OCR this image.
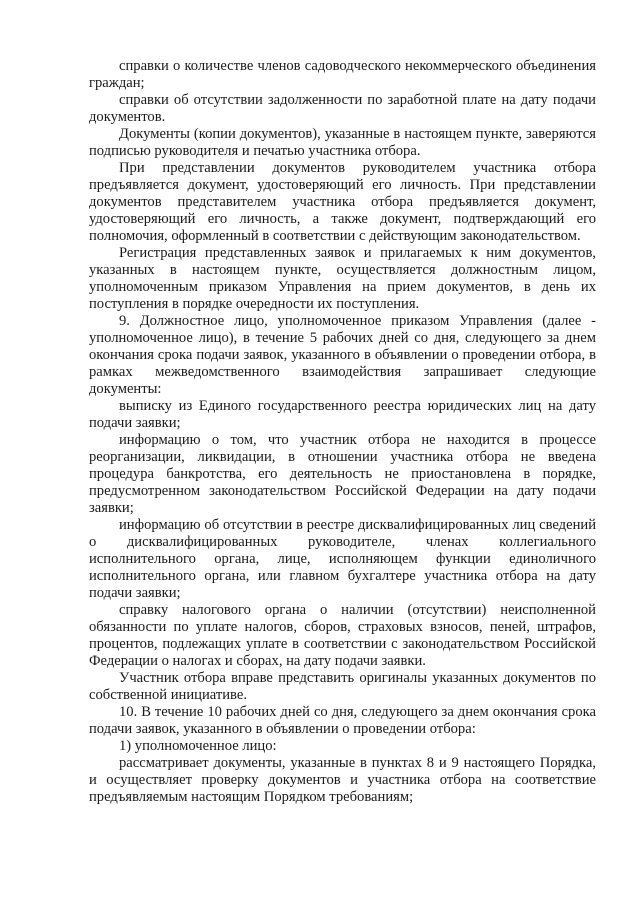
справки о количестве членов садоводческого некоммерческого объединения граждан;

справки об отсутствии задолженности по заработной плате на дату подачи документов.

Документы (копии документов), указанные в настоящем пункте, заверяются подписью руководителя и печатью участника отбора.

При представлении документов руководителем участника отбора предъявляется документ, удостоверяющий его личность. При представлении документов представителем участника отбора предъявляется документ, удостоверяющий его личность, а также документ, подтверждающий его полномочия, оформленный в соответствии с действующим законодательством.

Регистрация представленных заявок и прилагаемых к ним документов, указанных в настоящем пункте, осуществляется должностным лицом, уполномоченным приказом Управления на прием документов, в день их поступления в порядке очередности их поступления.

9. Должностное лицо, уполномоченное приказом Управления (далее - уполномоченное лицо), в течение 5 рабочих дней со дня, следующего за днем окончания срока подачи заявок, указанного в объявлении о проведении отбора, в рамках межведомственного взаимодействия запрашивает следующие документы:

выписку из Единого государственного реестра юридических лиц на дату подачи заявки;

информацию о том, что участник отбора не находится в процессе реорганизации, ликвидации, в отношении участника отбора не введена процедура банкротства, его деятельность не приостановлена в порядке, предусмотренном законодательством Российской Федерации на дату подачи заявки;

информацию об отсутствии в реестре дисквалифицированных лиц сведений о дисквалифицированных руководителе, членах коллегиального исполнительного органа, лице, исполняющем функции единоличного исполнительного органа, или главном бухгалтере участника отбора на дату подачи заявки;

справку налогового органа о наличии (отсутствии) неисполненной обязанности по уплате налогов, сборов, страховых взносов, пеней, штрафов, процентов, подлежащих уплате в соответствии с законодательством Российской Федерации о налогах и сборах, на дату подачи заявки.

Участник отбора вправе представить оригиналы указанных документов по собственной инициативе.

10. В течение 10 рабочих дней со дня, следующего за днем окончания срока подачи заявок, указанного в объявлении о проведении отбора:

1) уполномоченное лицо:

рассматривает документы, указанные в пунктах 8 и 9 настоящего Порядка, и осуществляет проверку документов и участника отбора на соответствие предъявляемым настоящим Порядком требованиям;
